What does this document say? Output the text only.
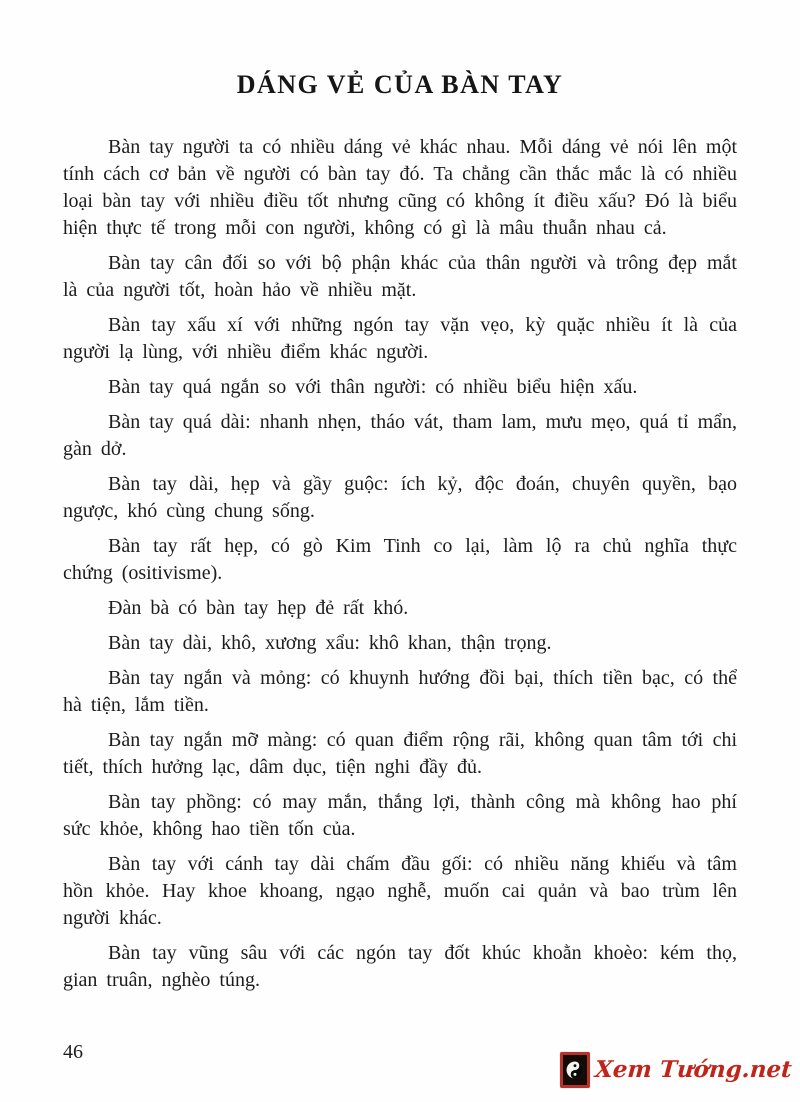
DÁNG VẺ CỦA BÀN TAY

Bàn tay người ta có nhiều dáng vẻ khác nhau. Mỗi dáng vẻ nói lên một tính cách cơ bản về người có bàn tay đó. Ta chẳng cần thắc mắc là có nhiều loại bàn tay với nhiều điều tốt nhưng cũng có không ít điều xấu? Đó là biểu hiện thực tế trong mỗi con người, không có gì là mâu thuẫn nhau cả.

Bàn tay cân đối so với bộ phận khác của thân người và trông đẹp mắt là của người tốt, hoàn hảo về nhiều mặt.

Bàn tay xấu xí với những ngón tay vặn vẹo, kỳ quặc nhiều ít là của người lạ lùng, với nhiều điểm khác người.

Bàn tay quá ngắn so với thân người: có nhiều biểu hiện xấu.

Bàn tay quá dài: nhanh nhẹn, tháo vát, tham lam, mưu mẹo, quá tỉ mẩn, gàn dở.

Bàn tay dài, hẹp và gầy guộc: ích kỷ, độc đoán, chuyên quyền, bạo ngược, khó cùng chung sống.

Bàn tay rất hẹp, có gò Kim Tinh co lại, làm lộ ra chủ nghĩa thực chứng (ositivisme).

Đàn bà có bàn tay hẹp đẻ rất khó.

Bàn tay dài, khô, xương xẩu: khô khan, thận trọng.

Bàn tay ngắn và mỏng: có khuynh hướng đồi bại, thích tiền bạc, có thể hà tiện, lắm tiền.

Bàn tay ngắn mỡ màng: có quan điểm rộng rãi, không quan tâm tới chi tiết, thích hưởng lạc, dâm dục, tiện nghi đầy đủ.

Bàn tay phồng: có may mắn, thắng lợi, thành công mà không hao phí sức khỏe, không hao tiền tốn của.

Bàn tay với cánh tay dài chấm đầu gối: có nhiều năng khiếu và tâm hồn khỏe. Hay khoe khoang, ngạo nghễ, muốn cai quản và bao trùm lên người khác.

Bàn tay vũng sâu với các ngón tay đốt khúc khoằn khoèo: kém thọ, gian truân, nghèo túng.

46
Xem Tướng.net
